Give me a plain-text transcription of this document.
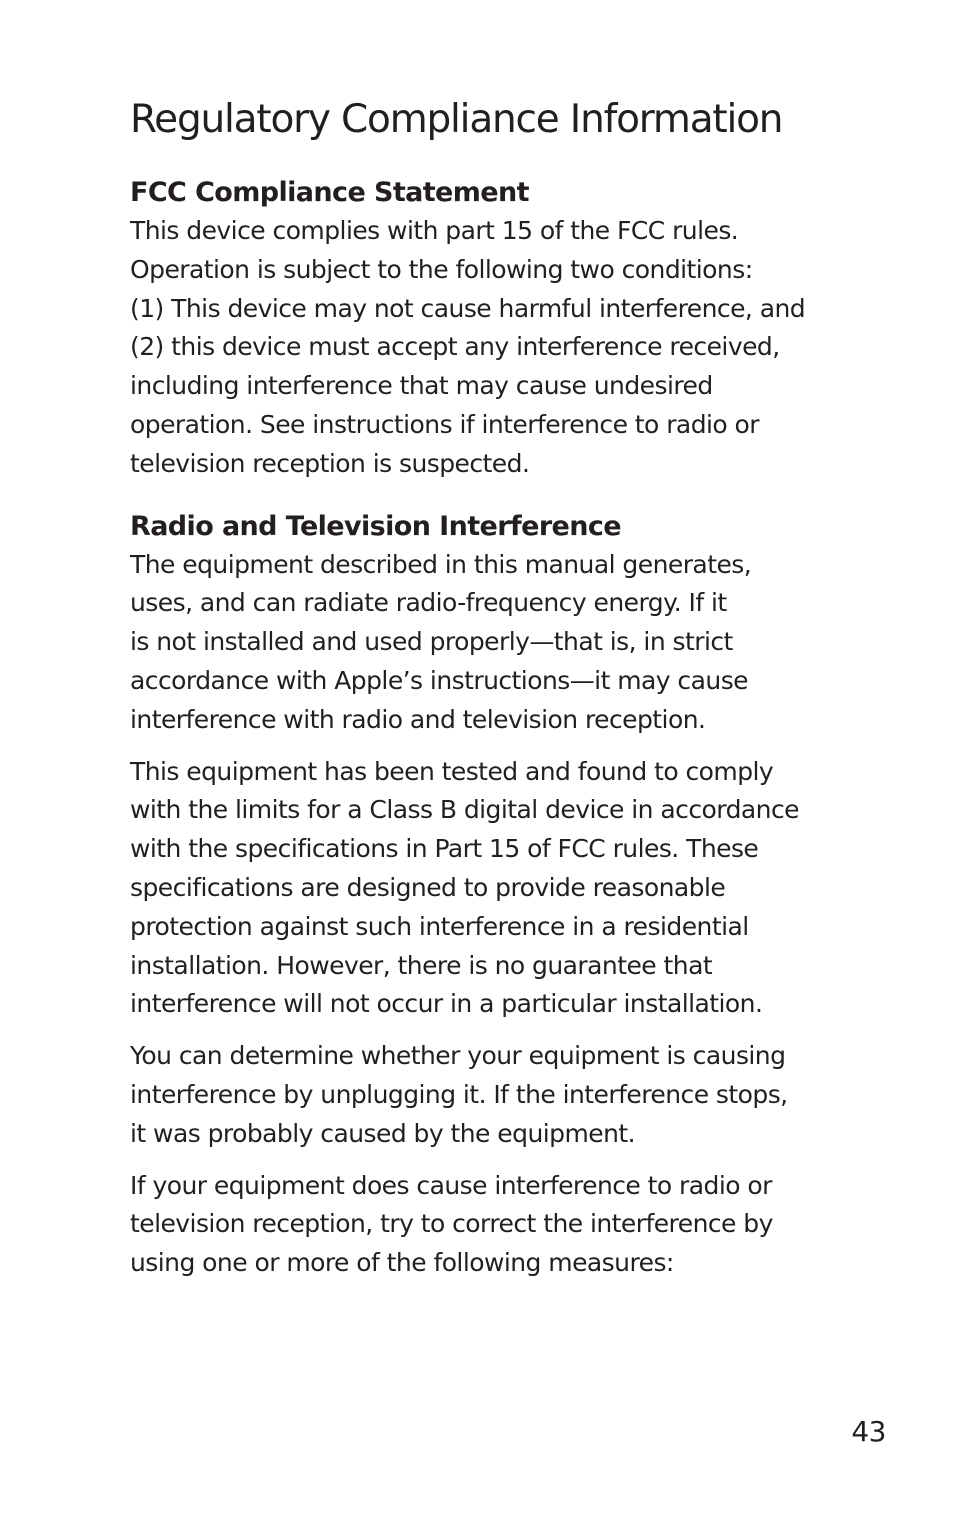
Regulatory Compliance Information
FCC Compliance Statement

This device complies with part 15 of the FCC rules.
Operation is subject to the following two conditions:
(1) This device may not cause harmful interference, and
(2) this device must accept any interference received,
including interference that may cause undesired
operation. See instructions if interference to radio or
television reception is suspected.

Radio and Television Interference

The equipment described in this manual generates,
uses, and can radiate radio-frequency energy. If it
is not installed and used properly—that is, in strict
accordance with Apple’s instructions—it may cause
interference with radio and television reception.

This equipment has been tested and found to comply
with the limits for a Class B digital device in accordance
with the specifications in Part 15 of FCC rules. These
specifications are designed to provide reasonable
protection against such interference in a residential
installation. However, there is no guarantee that
interference will not occur in a particular installation.

You can determine whether your equipment is causing
interference by unplugging it. If the interference stops,
it was probably caused by the equipment.

If your equipment does cause interference to radio or
television reception, try to correct the interference by
using one or more of the following measures:

43
